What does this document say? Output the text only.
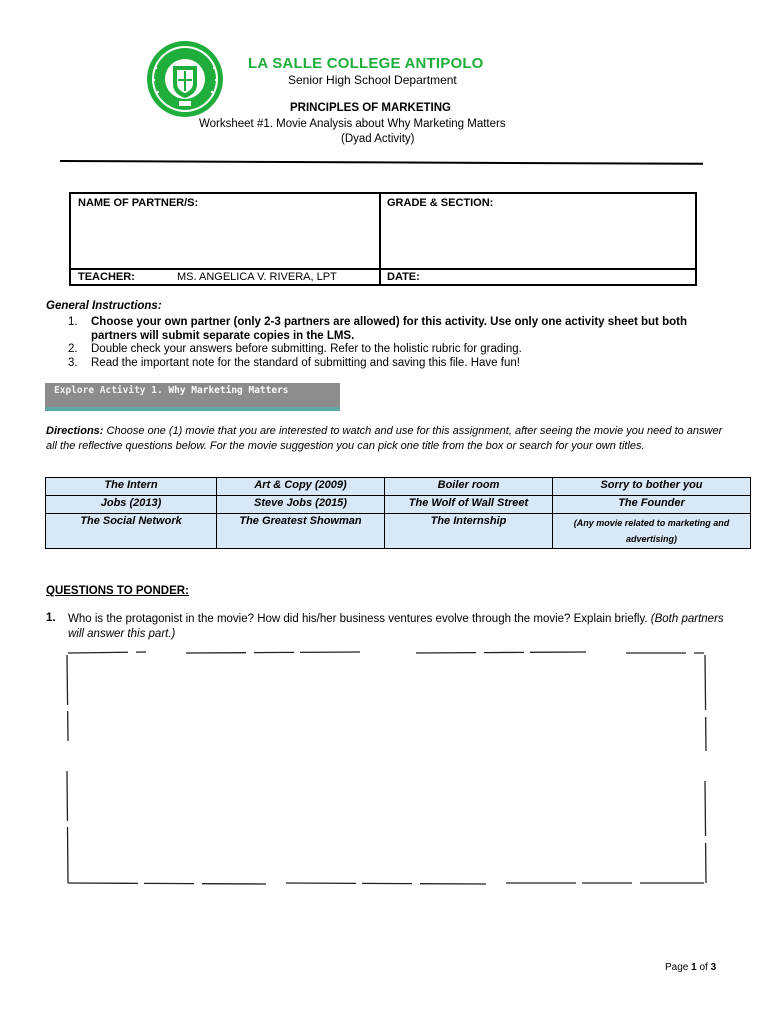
LA SALLE COLLEGE ANTIPOLO
Senior High School Department
PRINCIPLES OF MARKETING
Worksheet #1. Movie Analysis about Why Marketing Matters
(Dyad Activity)
NAME OF PARTNER/S:	GRADE & SECTION:
TEACHER:	MS. ANGELICA V. RIVERA, LPT	DATE:
General Instructions:
1.	Choose your own partner (only 2-3 partners are allowed) for this activity. Use only one activity sheet but both partners will submit separate copies in the LMS.
2.	Double check your answers before submitting. Refer to the holistic rubric for grading.
3.	Read the important note for the standard of submitting and saving this file. Have fun!
Explore Activity 1. Why Marketing Matters
Directions: Choose one (1) movie that you are interested to watch and use for this assignment, after seeing the movie you need to answer all the reflective questions below. For the movie suggestion you can pick one title from the box or search for your own titles.
The Intern	Art & Copy (2009)	Boiler room	Sorry to bother you
Jobs (2013)	Steve Jobs (2015)	The Wolf of Wall Street	The Founder
The Social Network	The Greatest Showman	The Internship	(Any movie related to marketing and advertising)
QUESTIONS TO PONDER:
1. Who is the protagonist in the movie? How did his/her business ventures evolve through the movie? Explain briefly. (Both partners will answer this part.)
Page 1 of 3
